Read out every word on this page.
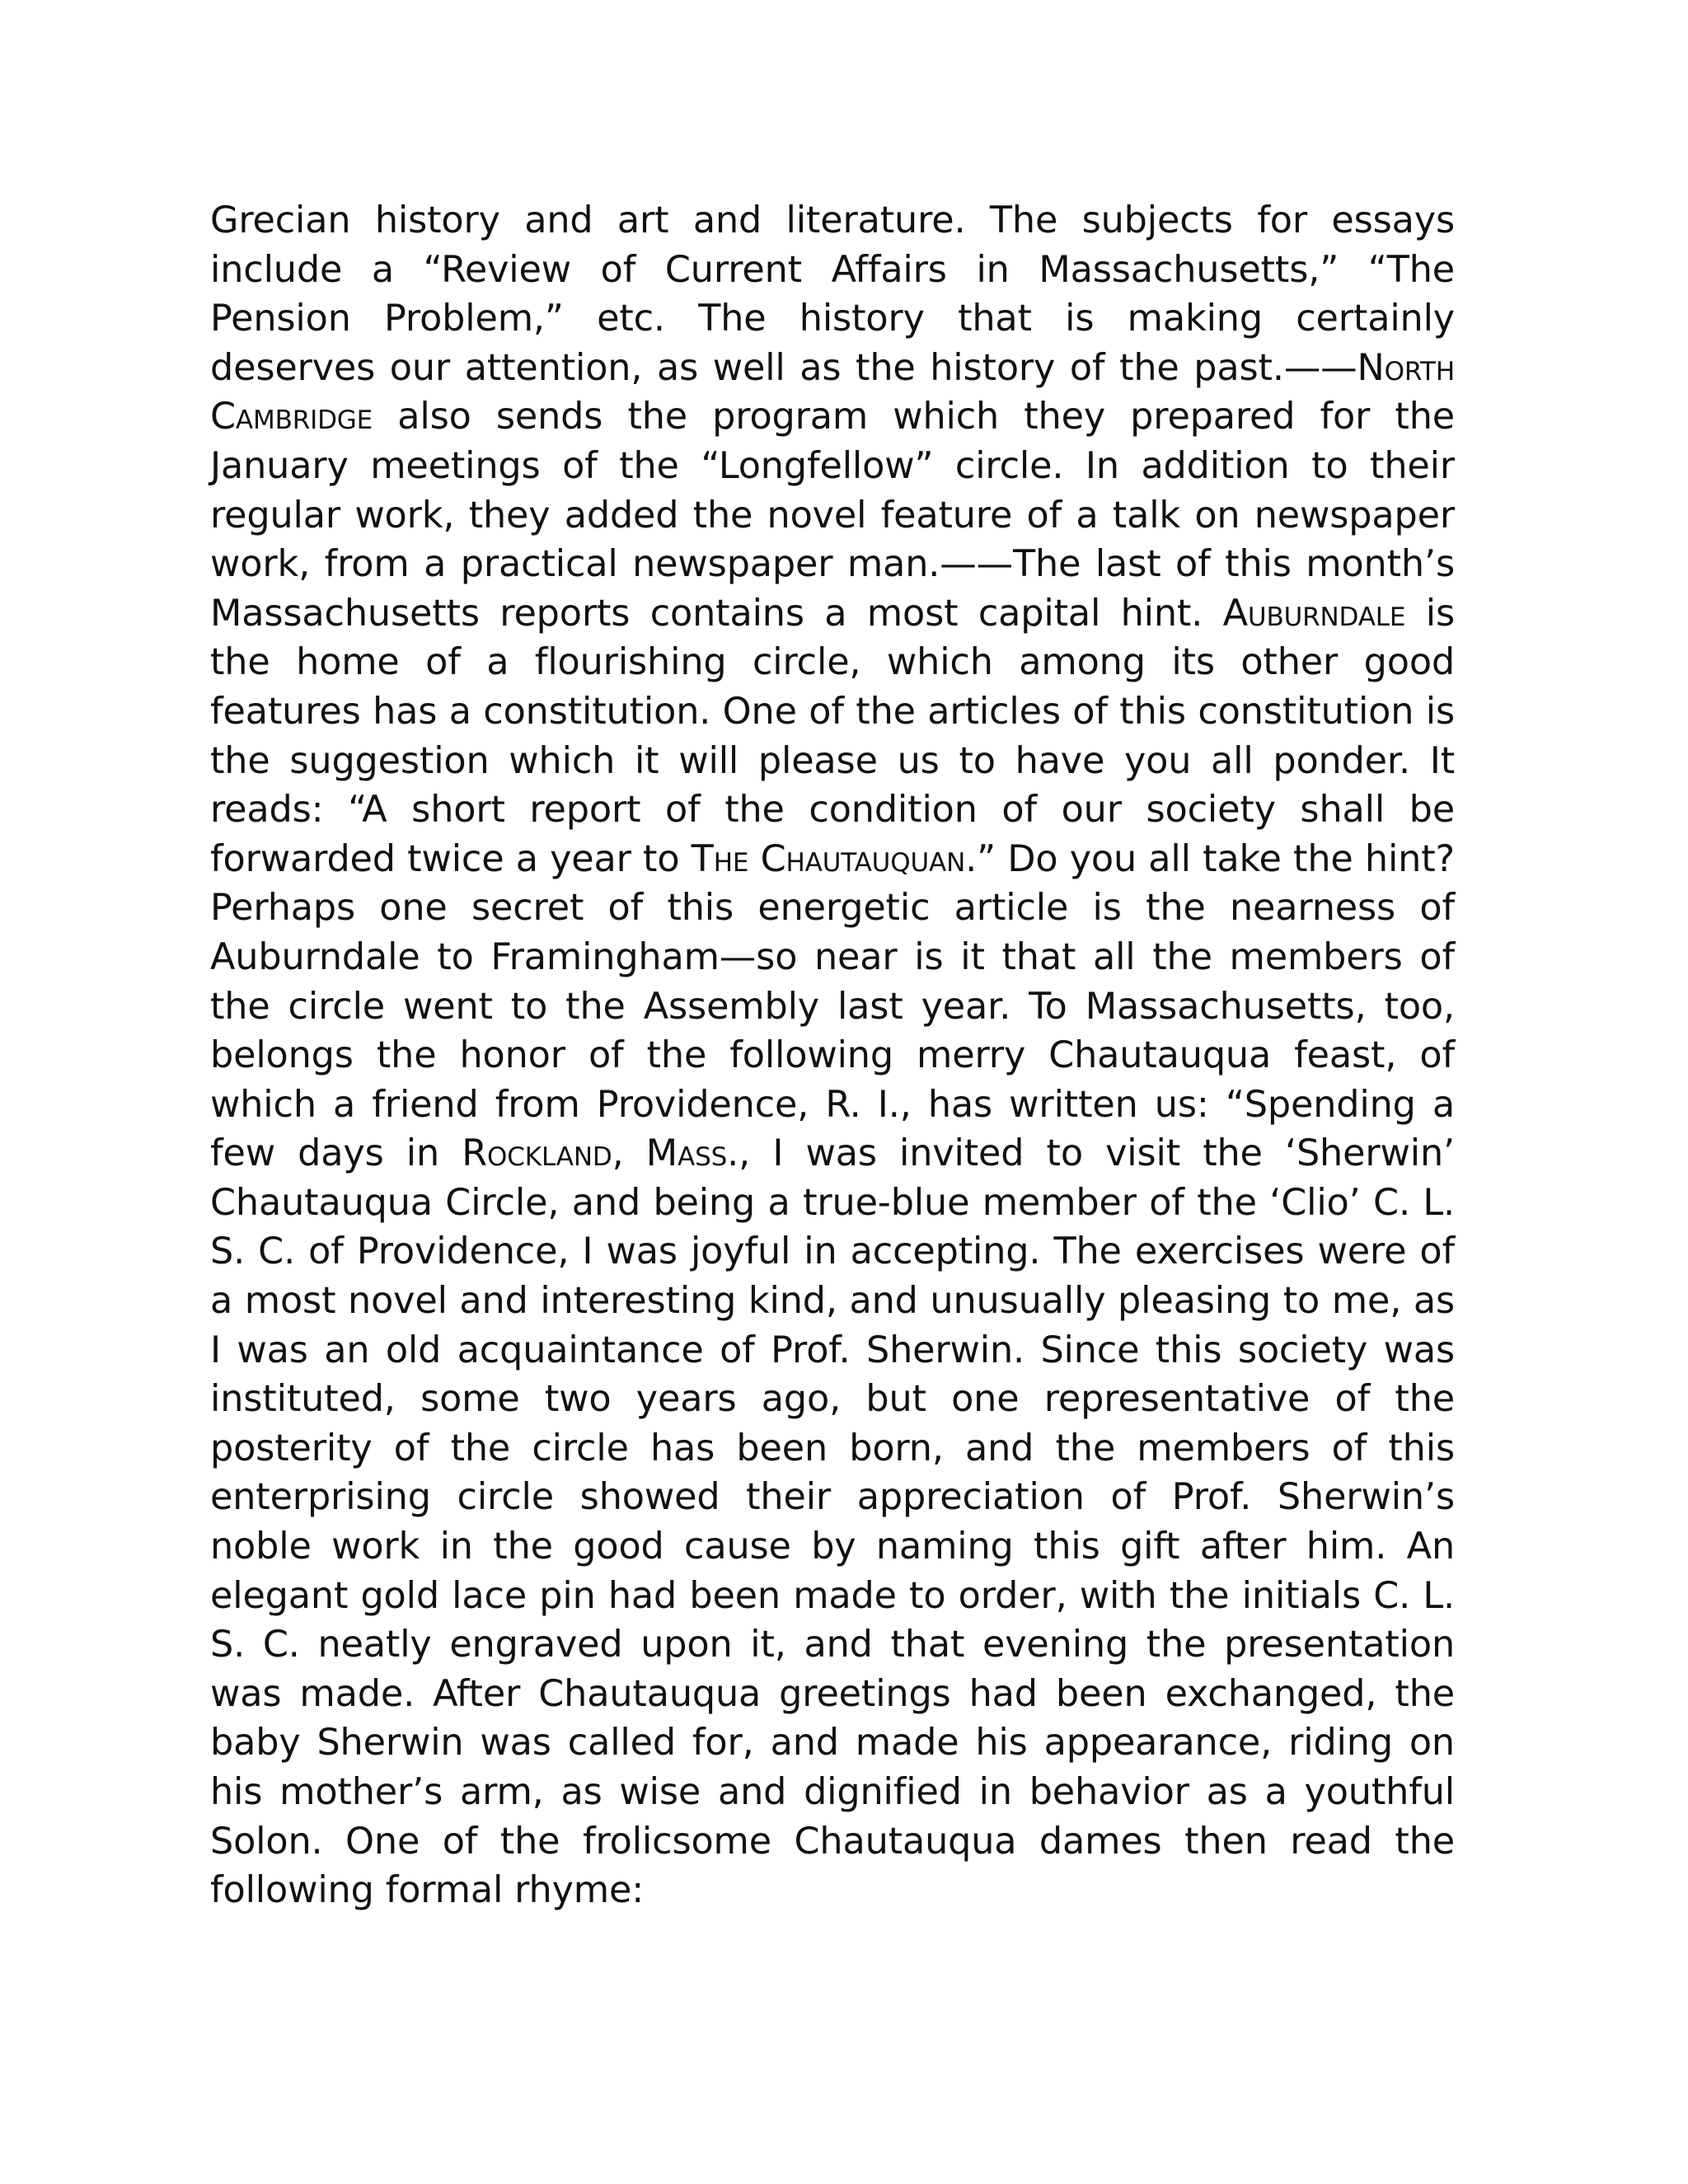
Grecian history and art and literature. The subjects for essays include a “Review of Current Affairs in Massachusetts,” “The Pension Problem,” etc. The history that is making certainly deserves our attention, as well as the history of the past.——North Cambridge also sends the program which they prepared for the January meetings of the “Longfellow” circle. In addition to their regular work, they added the novel feature of a talk on newspaper work, from a practical newspaper man.——The last of this month’s Massachusetts reports contains a most capital hint. Auburndale is the home of a flourishing circle, which among its other good features has a constitution. One of the articles of this constitution is the suggestion which it will please us to have you all ponder. It reads: “A short report of the condition of our society shall be forwarded twice a year to The Chautauquan.” Do you all take the hint? Perhaps one secret of this energetic article is the nearness of Auburndale to Framingham—so near is it that all the members of the circle went to the Assembly last year. To Massachusetts, too, belongs the honor of the following merry Chautauqua feast, of which a friend from Providence, R. I., has written us: “Spending a few days in Rockland, Mass., I was invited to visit the ‘Sherwin’ Chautauqua Circle, and being a true-blue member of the ‘Clio’ C. L. S. C. of Providence, I was joyful in accepting. The exercises were of a most novel and interesting kind, and unusually pleasing to me, as I was an old acquaintance of Prof. Sherwin. Since this society was instituted, some two years ago, but one representative of the posterity of the circle has been born, and the members of this enterprising circle showed their appreciation of Prof. Sherwin’s noble work in the good cause by naming this gift after him. An elegant gold lace pin had been made to order, with the initials C. L. S. C. neatly engraved upon it, and that evening the presentation was made. After Chautauqua greetings had been exchanged, the baby Sherwin was called for, and made his appearance, riding on his mother’s arm, as wise and dignified in behavior as a youthful Solon. One of the frolicsome Chautauqua dames then read the following formal rhyme:
